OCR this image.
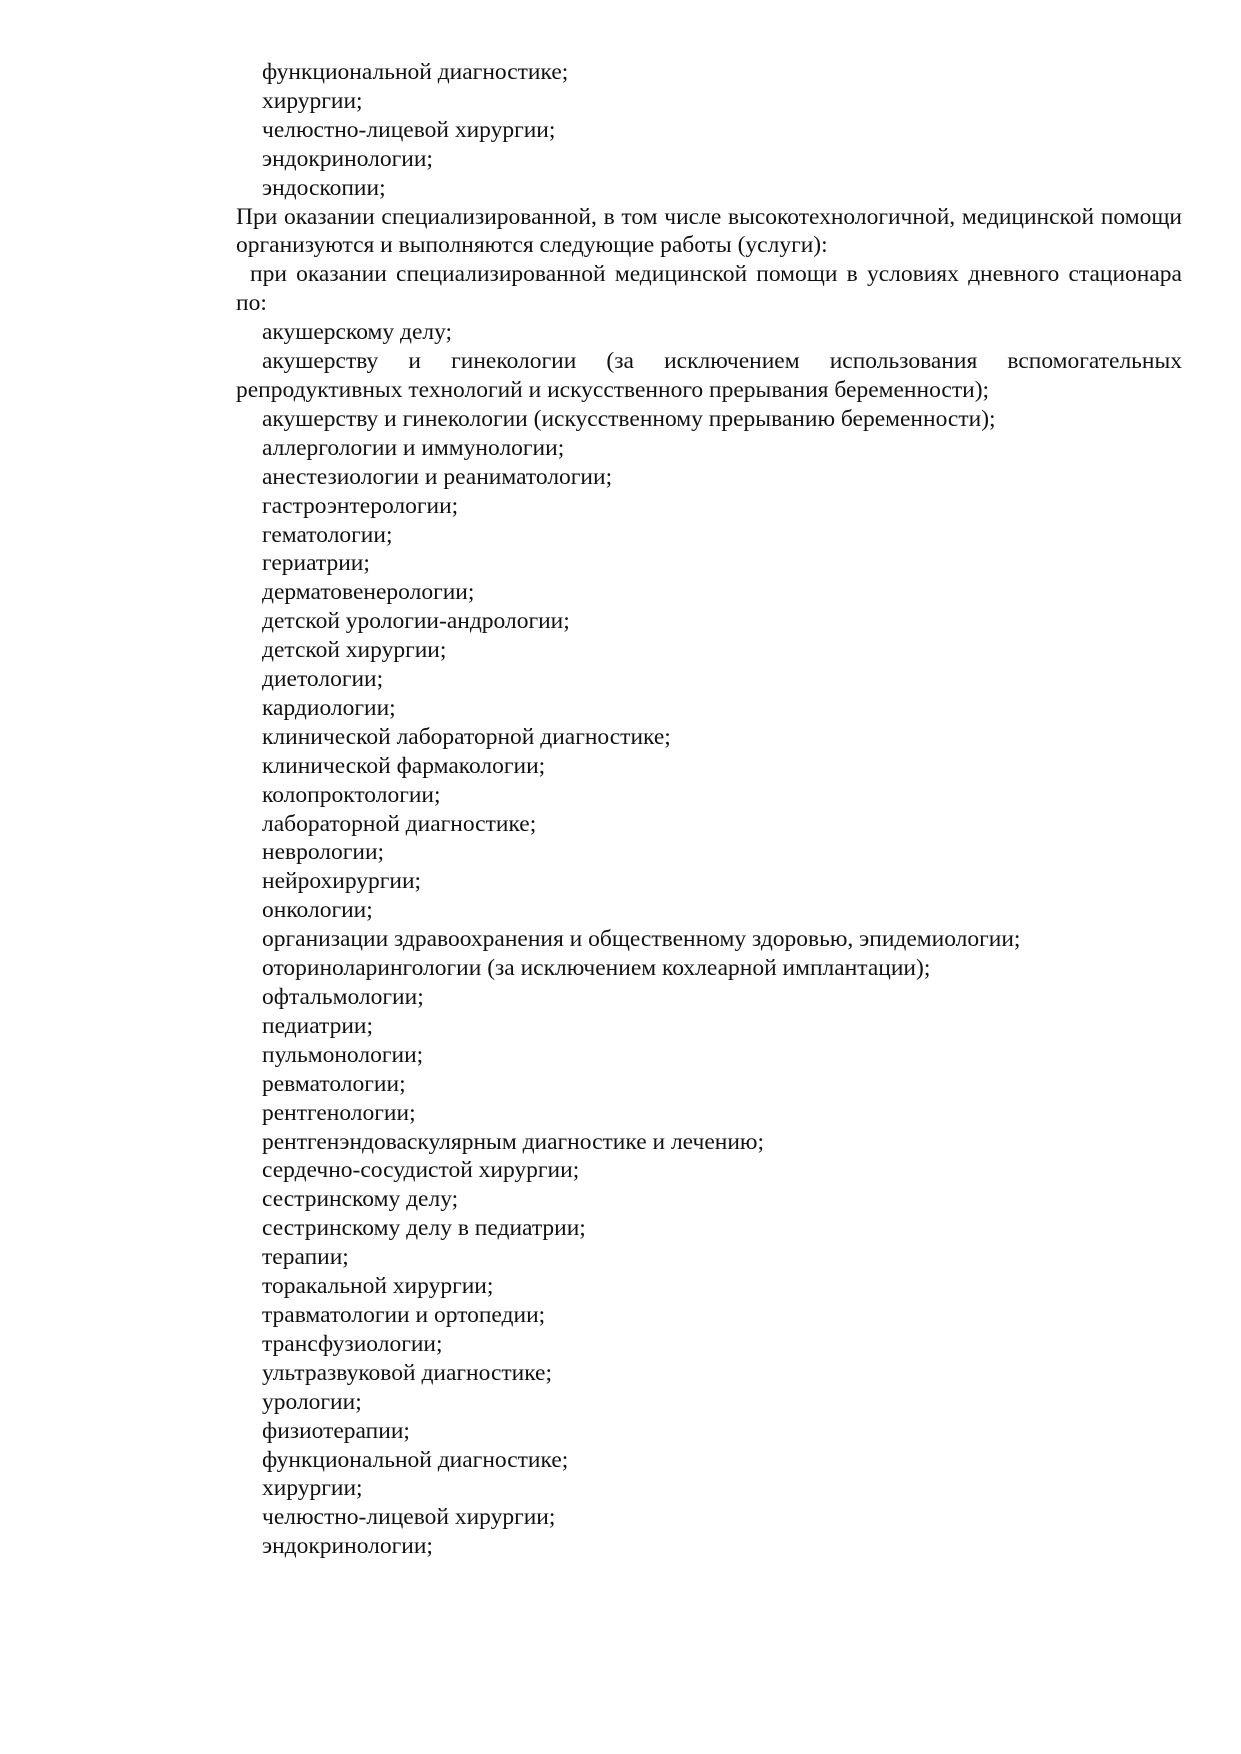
функциональной диагностике;

хирургии;

челюстно-лицевой хирургии;

эндокринологии;

эндоскопии;

При оказании специализированной, в том числе высокотехнологичной, медицинской помощи организуются и выполняются следующие работы (услуги):

при оказании специализированной медицинской помощи в условиях дневного стационара по:

акушерскому делу;

акушерству и гинекологии (за исключением использования вспомогательных репродуктивных технологий и искусственного прерывания беременности);

акушерству и гинекологии (искусственному прерыванию беременности);

аллергологии и иммунологии;

анестезиологии и реаниматологии;

гастроэнтерологии;

гематологии;

гериатрии;

дерматовенерологии;

детской урологии-андрологии;

детской хирургии;

диетологии;

кардиологии;

клинической лабораторной диагностике;

клинической фармакологии;

колопроктологии;

лабораторной диагностике;

неврологии;

нейрохирургии;

онкологии;

организации здравоохранения и общественному здоровью, эпидемиологии;

оториноларингологии (за исключением кохлеарной имплантации);

офтальмологии;

педиатрии;

пульмонологии;

ревматологии;

рентгенологии;

рентгенэндоваскулярным диагностике и лечению;

сердечно-сосудистой хирургии;

сестринскому делу;

сестринскому делу в педиатрии;

терапии;

торакальной хирургии;

травматологии и ортопедии;

трансфузиологии;

ультразвуковой диагностике;

урологии;

физиотерапии;

функциональной диагностике;

хирургии;

челюстно-лицевой хирургии;

эндокринологии;
